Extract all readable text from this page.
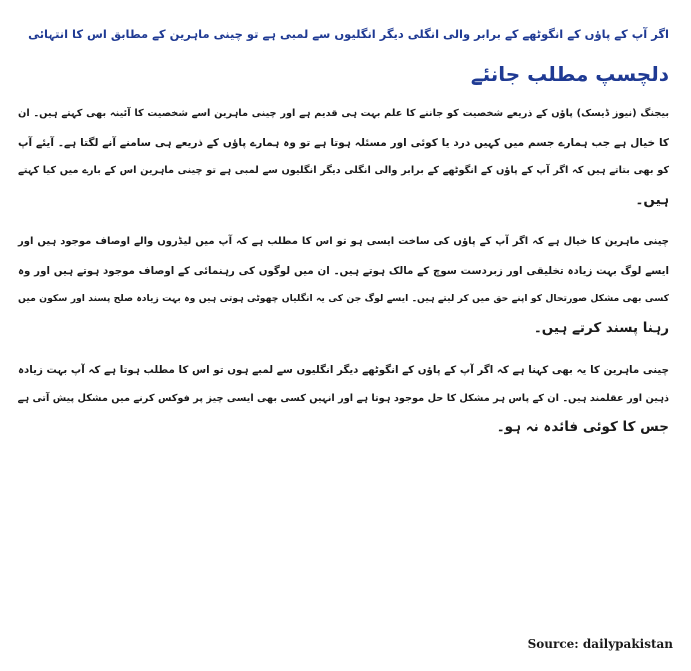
اگر آپ کے پاؤں کے انگوٹھے کے برابر والی انگلی دیگر انگلیوں سے لمبی ہے تو چینی ماہرین کے مطابق اس کا انتہائی
دلچسپ مطلب جانئے

بیجنگ (نیوز ڈیسک) پاؤں کے ذریعے شخصیت کو جاننے کا علم بہت ہی قدیم ہے اور چینی ماہرین اسے شخصیت کا آئینہ بھی کہتے ہیں۔ ان
کا خیال ہے جب ہمارے جسم میں کہیں درد یا کوئی اور مسئلہ ہوتا ہے تو وہ ہمارے پاؤں کے ذریعے ہی سامنے آنے لگتا ہے۔ آیئے آپ
کو بھی بتاتے ہیں کہ اگر آپ کے پاؤں کے انگوٹھے کے برابر والی انگلی دیگر انگلیوں سے لمبی ہے تو چینی ماہرین اس کے بارے میں کیا کہتے
ہیں۔

چینی ماہرین کا خیال ہے کہ اگر آپ کے پاؤں کی ساخت ایسی ہو تو اس کا مطلب ہے کہ آپ میں لیڈروں والے اوصاف موجود ہیں اور
ایسے لوگ بہت زیادہ تخلیقی اور زبردست سوچ کے مالک ہوتے ہیں۔ ان میں لوگوں کی رہنمائی کے اوصاف موجود ہوتے ہیں اور وہ
کسی بھی مشکل صورتحال کو اپنے حق میں کر لیتے ہیں۔ ایسے لوگ جن کی یہ انگلیاں چھوٹی ہوتی ہیں وہ بہت زیادہ صلح پسند اور سکون میں
رہنا پسند کرتے ہیں۔

چینی ماہرین کا یہ بھی کہنا ہے کہ اگر آپ کے پاؤں کے انگوٹھے دیگر انگلیوں سے لمبے ہوں تو اس کا مطلب ہوتا ہے کہ آپ بہت زیادہ
ذہین اور عقلمند ہیں۔ ان کے پاس ہر مشکل کا حل موجود ہوتا ہے اور انہیں کسی بھی ایسی چیز پر فوکس کرنے میں مشکل پیش آتی ہے
جس کا کوئی فائدہ نہ ہو۔

Source: dailypakistan
